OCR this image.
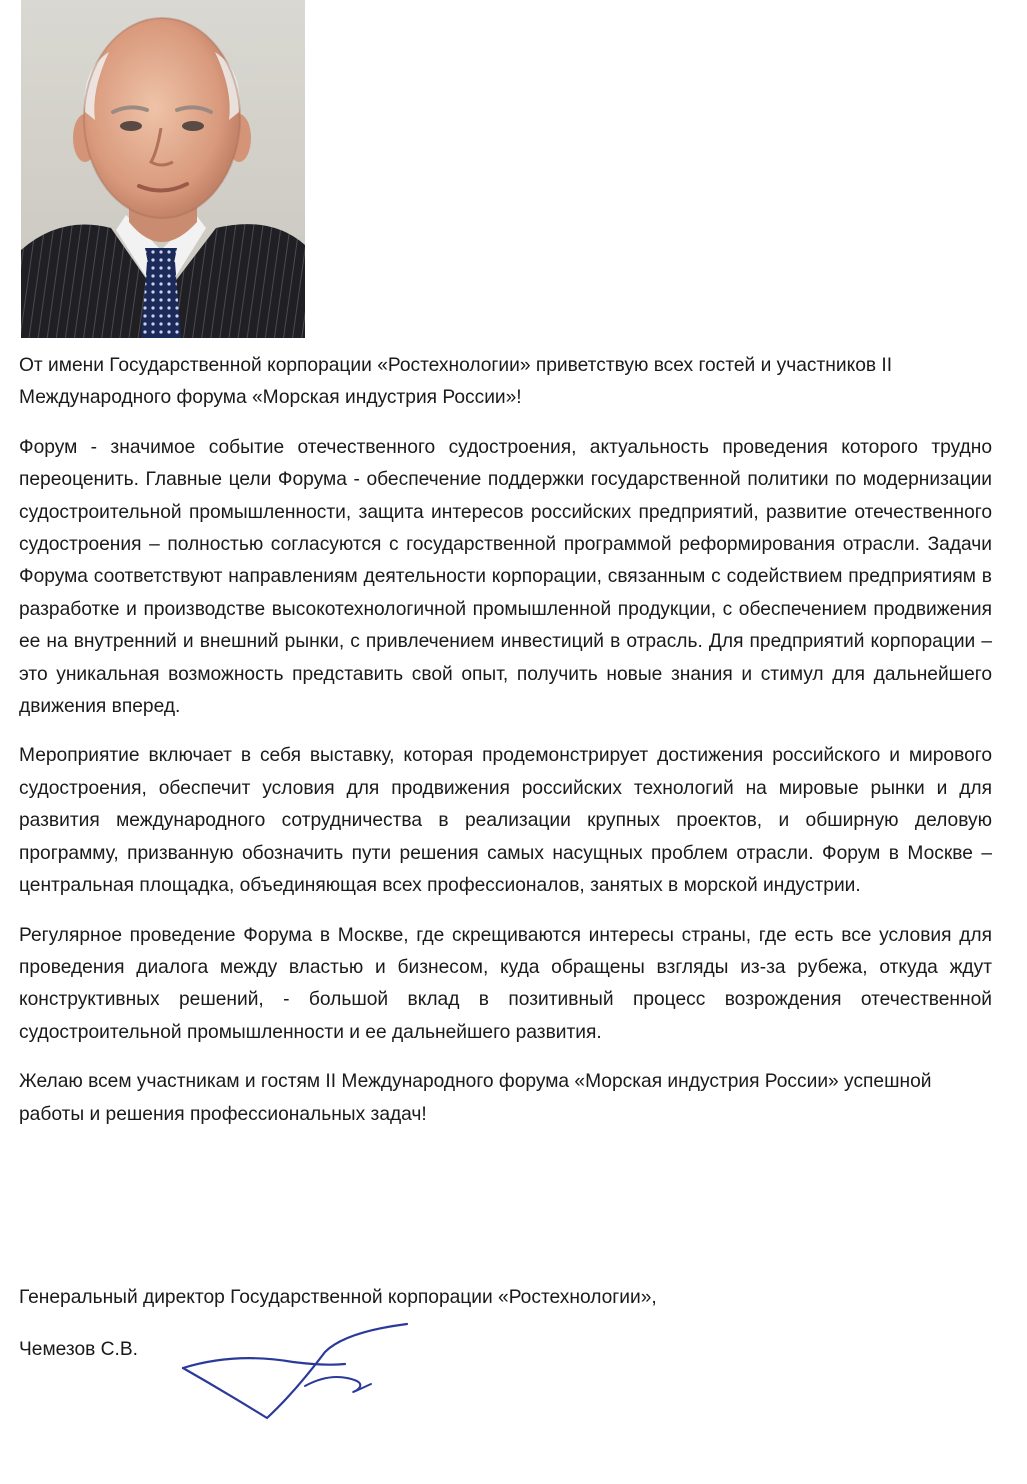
От имени Государственной корпорации «Ростехнологии» приветствую всех гостей и участников II Международного форума «Морская индустрия России»!

Форум - значимое событие отечественного судостроения, актуальность проведения которого трудно переоценить. Главные цели Форума - обеспечение поддержки государственной политики по модернизации судостроительной промышленности, защита интересов российских предприятий, развитие отечественного судостроения – полностью согласуются с государственной программой реформирования отрасли. Задачи Форума соответствуют направлениям деятельности корпорации, связанным с содействием предприятиям в разработке и производстве высокотехнологичной промышленной продукции, с обеспечением продвижения ее на внутренний и внешний рынки, с привлечением инвестиций в отрасль. Для предприятий корпорации – это уникальная возможность представить свой опыт, получить новые знания и стимул для дальнейшего движения вперед.

Мероприятие включает в себя выставку, которая продемонстрирует достижения российского и мирового судостроения, обеспечит условия для продвижения российских технологий на мировые рынки и для развития международного сотрудничества в реализации крупных проектов, и обширную деловую программу, призванную обозначить пути решения самых насущных проблем отрасли. Форум в Москве – центральная площадка, объединяющая всех профессионалов, занятых в морской индустрии.

Регулярное проведение Форума в Москве, где скрещиваются интересы страны, где есть все условия для проведения диалога между властью и бизнесом, куда обращены взгляды из-за рубежа, откуда ждут конструктивных решений, - большой вклад в позитивный процесс возрождения отечественной судостроительной промышленности и ее дальнейшего развития.

Желаю всем участникам и гостям II Международного форума «Морская индустрия России» успешной работы и решения профессиональных задач!

Генеральный директор Государственной корпорации «Ростехнологии»,
Чемезов С.В.
